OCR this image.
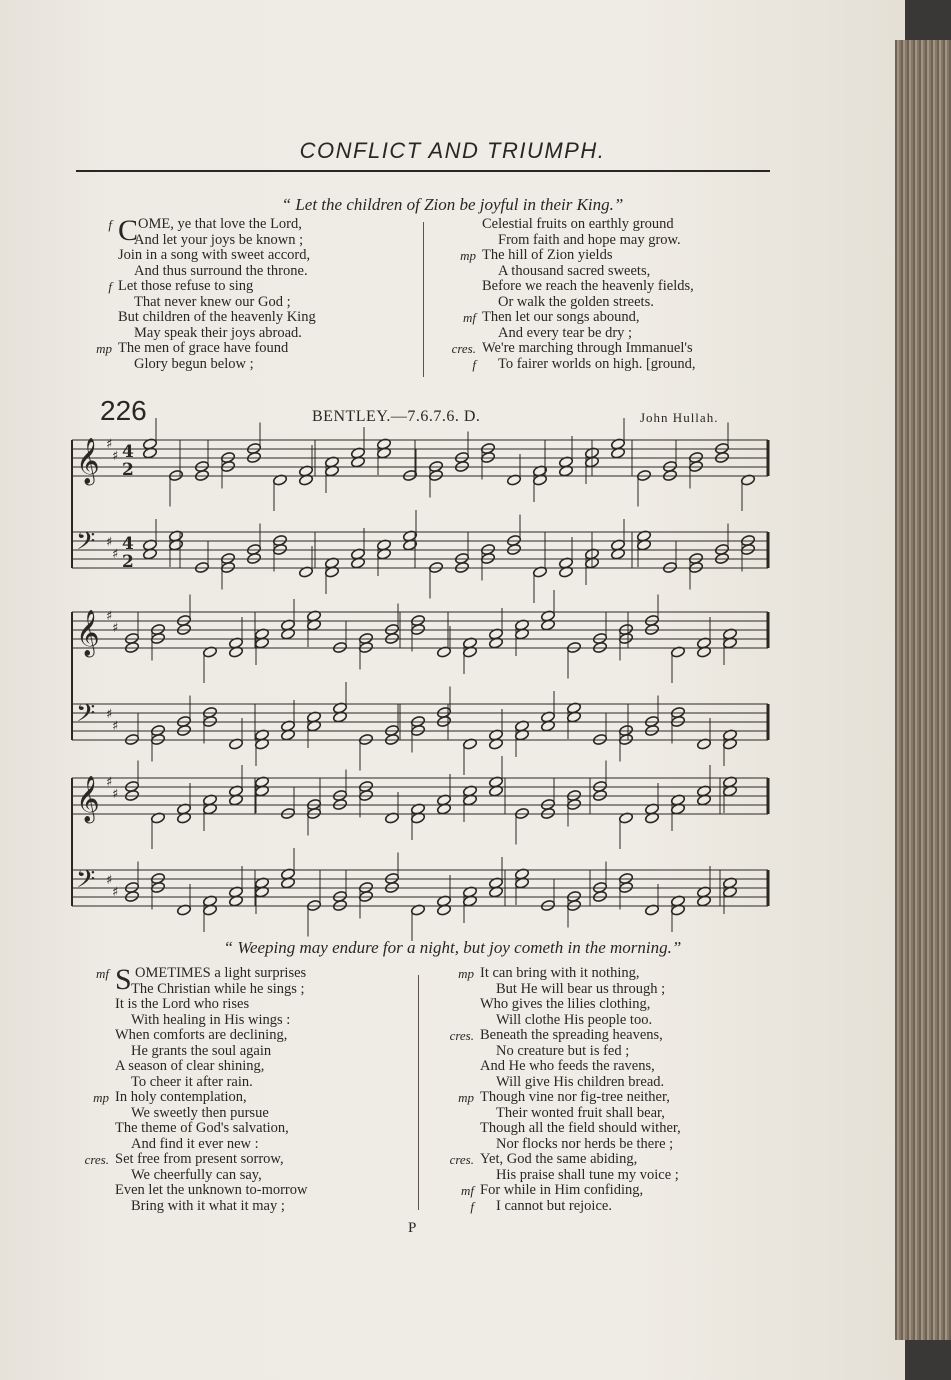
CONFLICT AND TRIUMPH.
“ Let the children of Zion be joyful in their King.”
f C OME, ye that love the Lord,
And let your joys be known ;
Join in a song with sweet accord,
And thus surround the throne.
f Let those refuse to sing
That never knew our God ;
But children of the heavenly King
May speak their joys abroad.
mp The men of grace have found
Glory begun below ;
Celestial fruits on earthly ground
From faith and hope may grow.
mp The hill of Zion yields
A thousand sacred sweets,
Before we reach the heavenly fields,
Or walk the golden streets.
mf Then let our songs abound,
And every tear be dry ;
cres. We're marching through Immanuel's
f To fairer worlds on high. [ground,
226	BENTLEY.—7.6.7.6. D.	John Hullah.
𝄞 ♯
♯ 4
2
𝄢 ♯
♯
4
2
𝄞 ♯
♯
𝄢 ♯
♯
𝄞 ♯
♯
𝄢 ♯
♯
“ Weeping may endure for a night, but joy cometh in the morning.”
mf S OMETIMES a light surprises
The Christian while he sings ;
It is the Lord who rises
With healing in His wings :
When comforts are declining,
He grants the soul again
A season of clear shining,
To cheer it after rain.
mp In holy contemplation,
We sweetly then pursue
The theme of God's salvation,
And find it ever new :
cres. Set free from present sorrow,
We cheerfully can say,
Even let the unknown to-morrow
Bring with it what it may ;
mp It can bring with it nothing,
But He will bear us through ;
Who gives the lilies clothing,
Will clothe His people too.
cres. Beneath the spreading heavens,
No creature but is fed ;
And He who feeds the ravens,
Will give His children bread.
mp Though vine nor fig-tree neither,
Their wonted fruit shall bear,
Though all the field should wither,
Nor flocks nor herds be there ;
cres. Yet, God the same abiding,
His praise shall tune my voice ;
mf For while in Him confiding,
f I cannot but rejoice.
P
